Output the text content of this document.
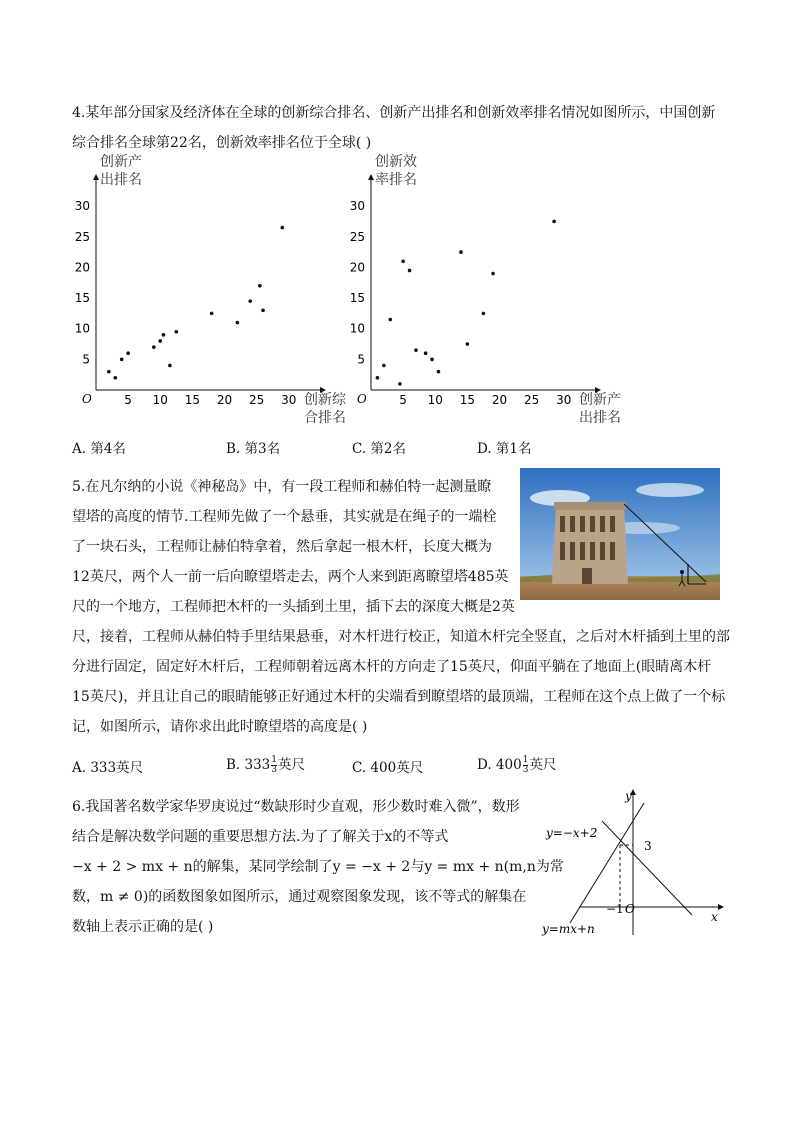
4.某年部分国家及经济体在全球的创新综合排名、创新产出排名和创新效率排名情况如图所示，中国创新
综合排名全球第22名，创新效率排名位于全球( )
O
创新产
出排名
创新综
合排名
5 10 15 20 25 30
5
10
15
20
25
30
O
创新效
率排名
创新产
出排名
5 10 15 20 25 30
5
10
15
20
25
30
A. 第4名	B. 第3名	C. 第2名	D. 第1名
5.在凡尔纳的小说《神秘岛》中，有一段工程师和赫伯特一起测量瞭
望塔的高度的情节.工程师先做了一个悬垂，其实就是在绳子的一端栓
了一块石头，工程师让赫伯特拿着，然后拿起一根木杆，长度大概为
12英尺，两个人一前一后向瞭望塔走去，两个人来到距离瞭望塔485英
尺的一个地方，工程师把木杆的一头插到土里，插下去的深度大概是2英
尺，接着，工程师从赫伯特手里结果悬垂，对木杆进行校正，知道木杆完全竖直，之后对木杆插到土里的部
分进行固定，固定好木杆后，工程师朝着远离木杆的方向走了15英尺，仰面平躺在了地面上(眼睛离木杆
15英尺)，并且让自己的眼睛能够正好通过木杆的尖端看到瞭望塔的最顶端，工程师在这个点上做了一个标
记，如图所示，请你求出此时瞭望塔的高度是( )
A. 333英尺	B. $333 \frac{1}{3}$ 英尺	C. 400英尺	D. $400 \frac{1}{3}$ 英尺
6.我国著名数学家华罗庚说过“数缺形时少直观，形少数时难入微”，数形
结合是解决数学问题的重要思想方法.为了了解关于x的不等式
−x + 2 > mx + n的解集，某同学绘制了y = −x + 2与y = mx + n(m,n为常
数，m ≠ 0)的函数图象如图所示，通过观察图象发现，该不等式的解集在
数轴上表示正确的是( )
x
y
O
3
−1
y=−x+2
y=mx+n
